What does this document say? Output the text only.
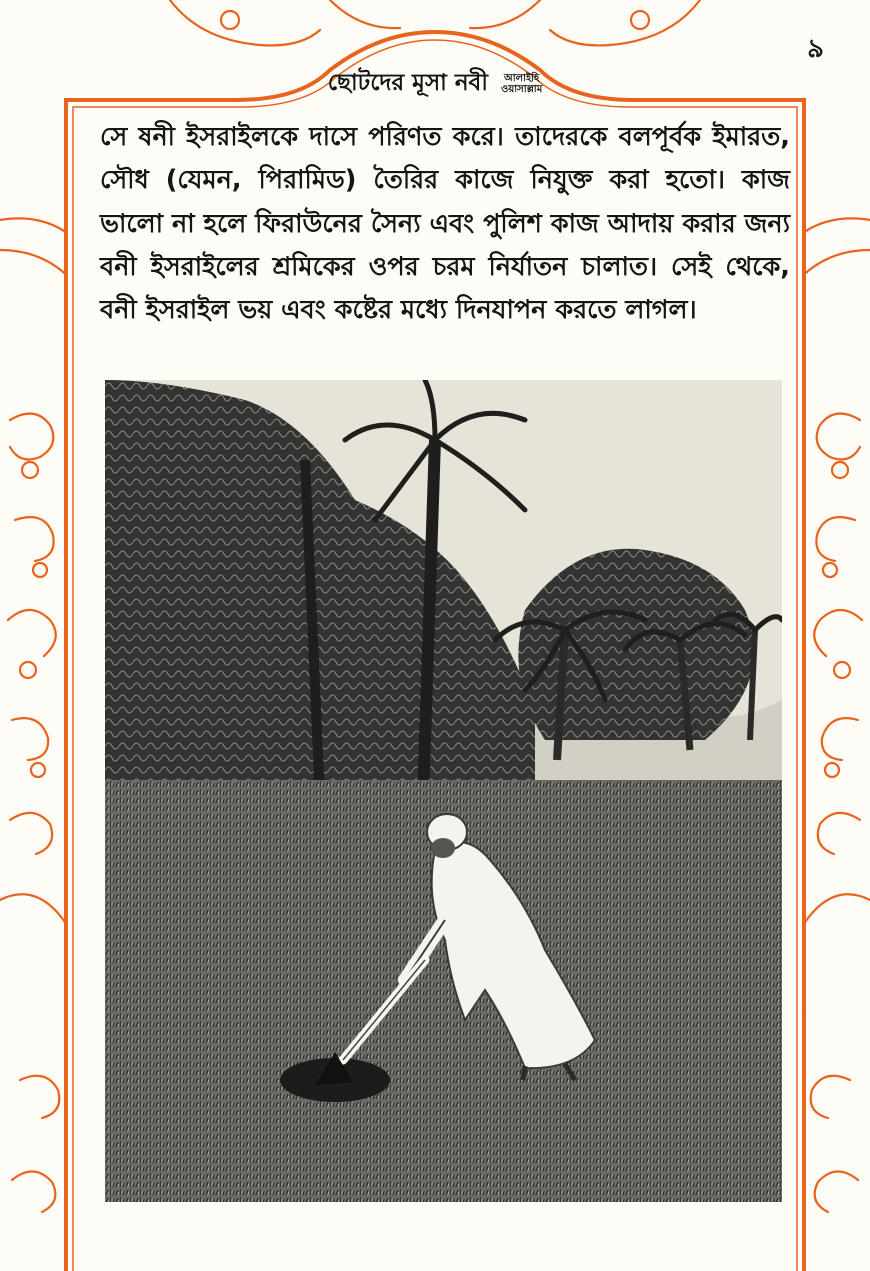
৯
ছোটদের মূসা নবী আলাইহি
ওয়াসাল্লাম
সে ষনী ইসরাইলকে দাসে পরিণত করে। তাদেরকে বলপূর্বক ইমারত, সৌধ (যেমন, পিরামিড) তৈরির কাজে নিযুক্ত করা হতো। কাজ ভালো না হলে ফিরাউনের সৈন্য এবং পুলিশ কাজ আদায় করার জন্য বনী ইসরাইলের শ্রমিকের ওপর চরম নির্যাতন চালাত। সেই থেকে, বনী ইসরাইল ভয় এবং কষ্টের মধ্যে দিনযাপন করতে লাগল।
